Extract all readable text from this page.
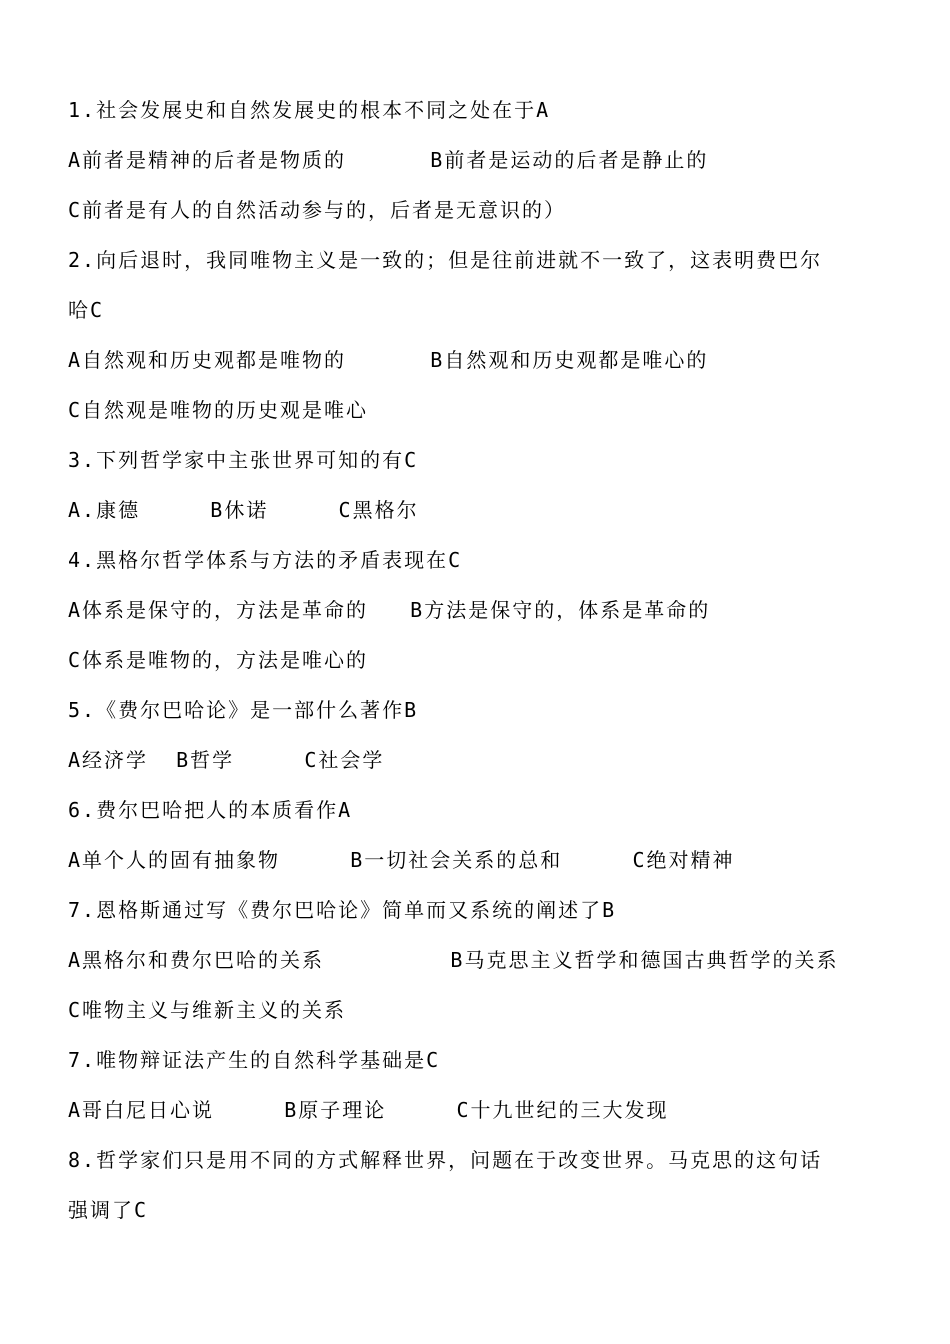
1.社会发展史和自然发展史的根本不同之处在于A
A前者是精神的后者是物质的      B前者是运动的后者是静止的
C前者是有人的自然活动参与的，后者是无意识的）
2.向后退时，我同唯物主义是一致的；但是往前进就不一致了，这表明费巴尔
哈C
A自然观和历史观都是唯物的      B自然观和历史观都是唯心的
C自然观是唯物的历史观是唯心
3.下列哲学家中主张世界可知的有C
A.康德     B休诺     C黑格尔
4.黑格尔哲学体系与方法的矛盾表现在C
A体系是保守的，方法是革命的   B方法是保守的，体系是革命的
C体系是唯物的，方法是唯心的
5.《费尔巴哈论》是一部什么著作B
A经济学  B哲学     C社会学
6.费尔巴哈把人的本质看作A
A单个人的固有抽象物     B一切社会关系的总和     C绝对精神
7.恩格斯通过写《费尔巴哈论》简单而又系统的阐述了B
A黑格尔和费尔巴哈的关系         B马克思主义哲学和德国古典哲学的关系
C唯物主义与维新主义的关系
7.唯物辩证法产生的自然科学基础是C
A哥白尼日心说     B原子理论     C十九世纪的三大发现
8.哲学家们只是用不同的方式解释世界，问题在于改变世界。马克思的这句话
强调了C
